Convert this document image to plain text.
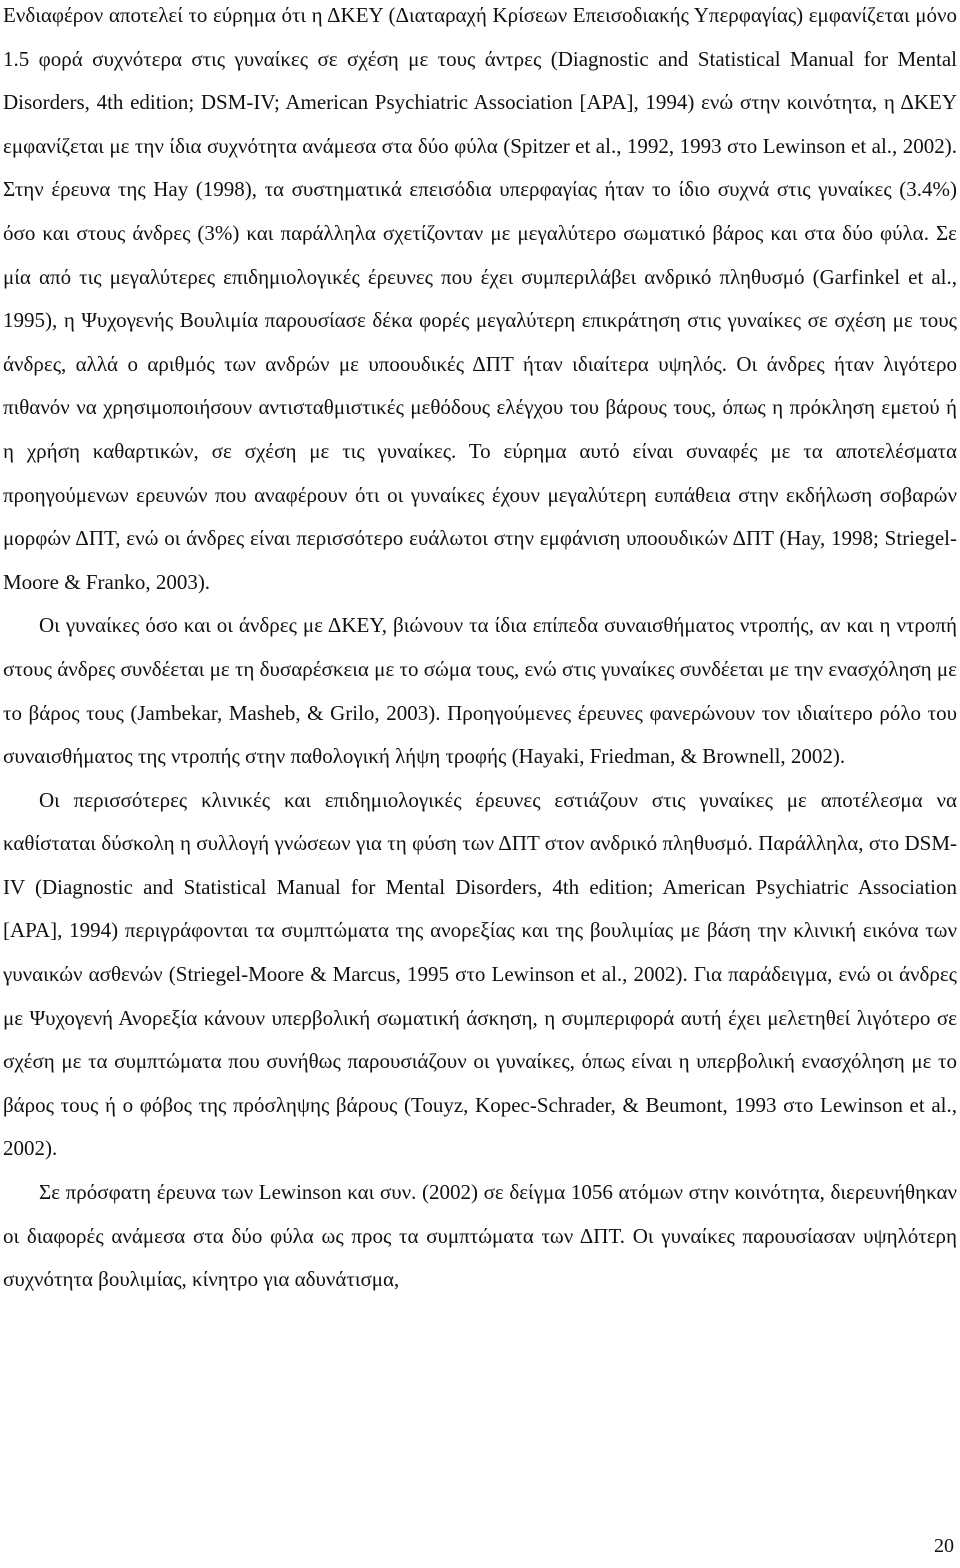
Ενδιαφέρον αποτελεί το εύρημα ότι η ΔΚΕΥ (Διαταραχή Κρίσεων Επεισοδιακής Υπερφαγίας) εμφανίζεται μόνο 1.5 φορά συχνότερα στις γυναίκες σε σχέση με τους άντρες (Diagnostic and Statistical Manual for Mental Disorders, 4th edition; DSM-IV; American Psychiatric Association [APA], 1994) ενώ στην κοινότητα, η ΔΚΕΥ εμφανίζεται με την ίδια συχνότητα ανάμεσα στα δύο φύλα (Spitzer et al., 1992, 1993 στο Lewinson et al., 2002). Στην έρευνα της Hay (1998), τα συστηματικά επεισόδια υπερφαγίας ήταν το ίδιο συχνά στις γυναίκες (3.4%) όσο και στους άνδρες (3%) και παράλληλα σχετίζονταν με μεγαλύτερο σωματικό βάρος και στα δύο φύλα. Σε μία από τις μεγαλύτερες επιδημιολογικές έρευνες που έχει συμπεριλάβει ανδρικό πληθυσμό (Garfinkel et al., 1995), η Ψυχογενής Βουλιμία παρουσίασε δέκα φορές μεγαλύτερη επικράτηση στις γυναίκες σε σχέση με τους άνδρες, αλλά ο αριθμός των ανδρών με υποουδικές ΔΠΤ ήταν ιδιαίτερα υψηλός. Οι άνδρες ήταν λιγότερο πιθανόν να χρησιμοποιήσουν αντισταθμιστικές μεθόδους ελέγχου του βάρους τους, όπως η πρόκληση εμετού ή η χρήση καθαρτικών, σε σχέση με τις γυναίκες. Το εύρημα αυτό είναι συναφές με τα αποτελέσματα προηγούμενων ερευνών που αναφέρουν ότι οι γυναίκες έχουν μεγαλύτερη ευπάθεια στην εκδήλωση σοβαρών μορφών ΔΠΤ, ενώ οι άνδρες είναι περισσότερο ευάλωτοι στην εμφάνιση υποουδικών ΔΠΤ (Hay, 1998; Striegel-Moore & Franko, 2003).

Οι γυναίκες όσο και οι άνδρες με ΔΚΕΥ, βιώνουν τα ίδια επίπεδα συναισθήματος ντροπής, αν και η ντροπή στους άνδρες συνδέεται με τη δυσαρέσκεια με το σώμα τους, ενώ στις γυναίκες συνδέεται με την ενασχόληση με το βάρος τους (Jambekar, Masheb, & Grilo, 2003). Προηγούμενες έρευνες φανερώνουν τον ιδιαίτερο ρόλο του συναισθήματος της ντροπής στην παθολογική λήψη τροφής (Hayaki, Friedman, & Brownell, 2002).

Οι περισσότερες κλινικές και επιδημιολογικές έρευνες εστιάζουν στις γυναίκες με αποτέλεσμα να καθίσταται δύσκολη η συλλογή γνώσεων για τη φύση των ΔΠΤ στον ανδρικό πληθυσμό. Παράλληλα, στο DSM-IV (Diagnostic and Statistical Manual for Mental Disorders, 4th edition; American Psychiatric Association [APA], 1994) περιγράφονται τα συμπτώματα της ανορεξίας και της βουλιμίας με βάση την κλινική εικόνα των γυναικών ασθενών (Striegel-Moore & Marcus, 1995 στο Lewinson et al., 2002). Για παράδειγμα, ενώ οι άνδρες με Ψυχογενή Ανορεξία κάνουν υπερβολική σωματική άσκηση, η συμπεριφορά αυτή έχει μελετηθεί λιγότερο σε σχέση με τα συμπτώματα που συνήθως παρουσιάζουν οι γυναίκες, όπως είναι η υπερβολική ενασχόληση με το βάρος τους ή ο φόβος της πρόσληψης βάρους (Touyz, Kopec-Schrader, & Beumont, 1993 στο Lewinson et al., 2002).

Σε πρόσφατη έρευνα των Lewinson και συν. (2002) σε δείγμα 1056 ατόμων στην κοινότητα, διερευνήθηκαν οι διαφορές ανάμεσα στα δύο φύλα ως προς τα συμπτώματα των ΔΠΤ. Οι γυναίκες παρουσίασαν υψηλότερη συχνότητα βουλιμίας, κίνητρο για αδυνάτισμα,

20
